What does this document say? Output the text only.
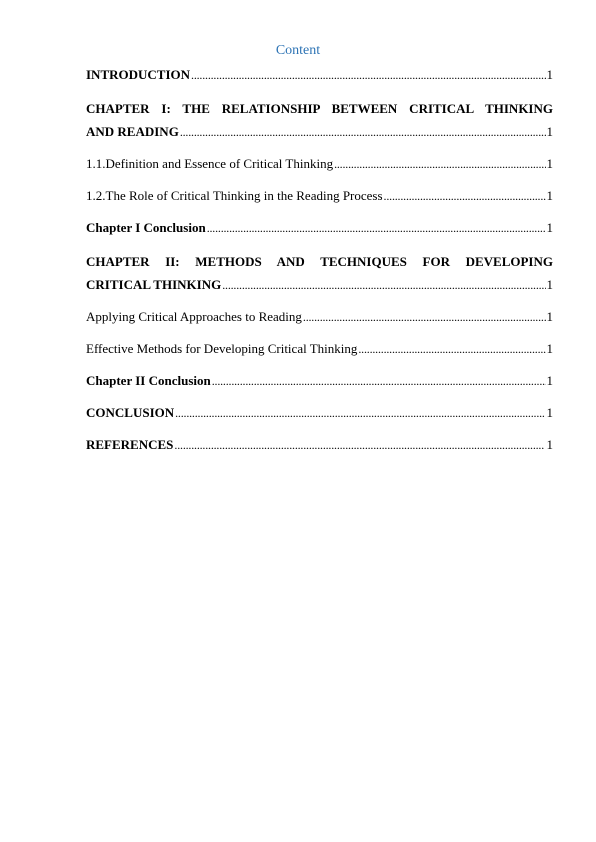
Content
INTRODUCTION . . .	1
CHAPTER I: THE RELATIONSHIP BETWEEN CRITICAL THINKING
AND READING . . .	1
1.1.Definition and Essence of Critical Thinking . . .	1
1.2.The Role of Critical Thinking in the Reading Process . . .	1
Chapter I Conclusion . . .	1
CHAPTER II: METHODS AND TECHNIQUES FOR DEVELOPING
CRITICAL THINKING . . .	1
Applying Critical Approaches to Reading . . .	1
Effective Methods for Developing Critical Thinking . . .	1
Chapter II Conclusion . . .	1
CONCLUSION . . .	1
REFERENCES . . .	1
